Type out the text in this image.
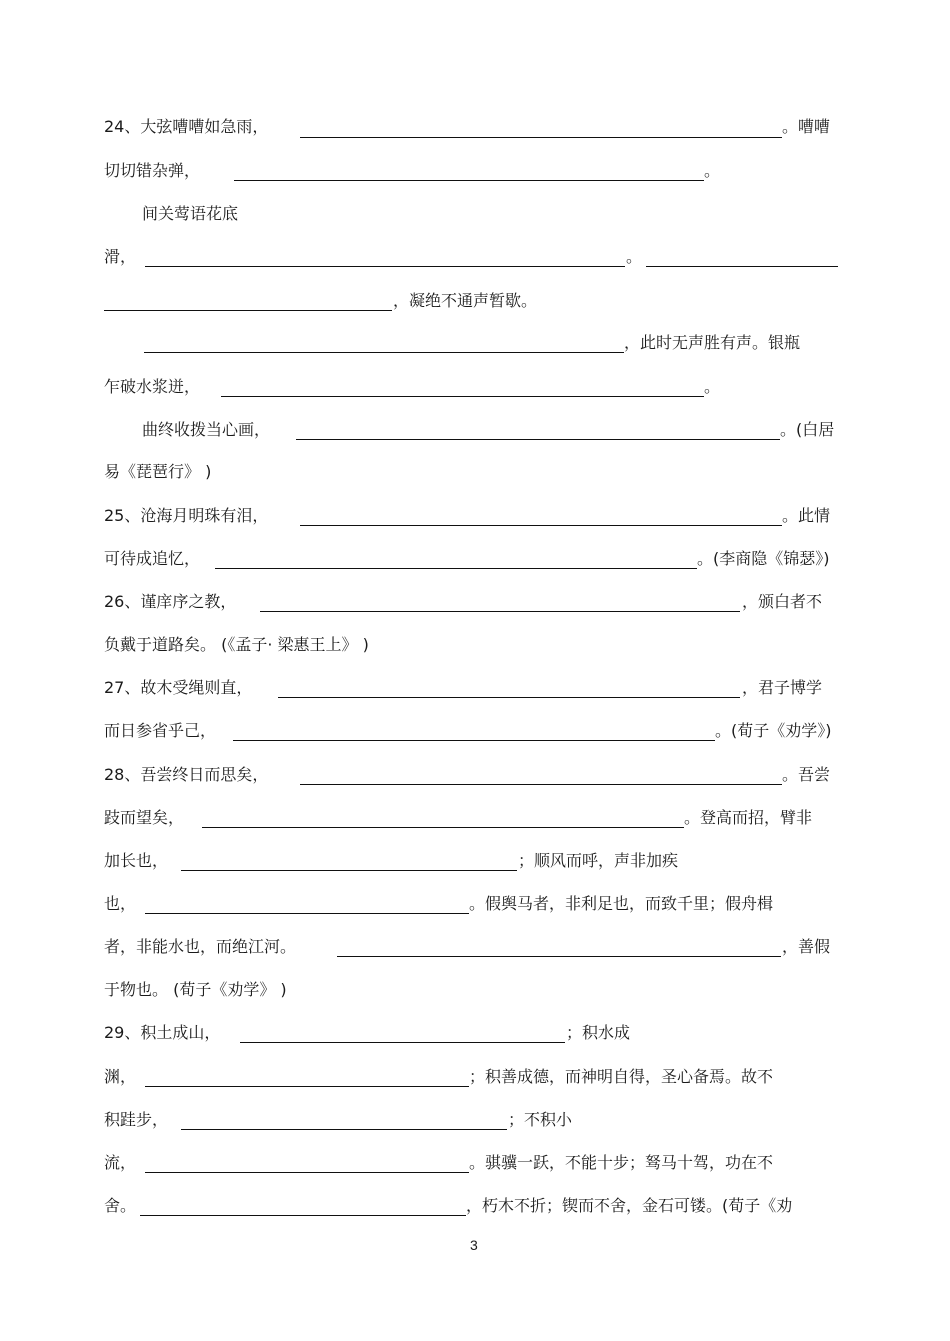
24、大弦嘈嘈如急雨，	。嘈嘈
切切错杂弹，	。
间关莺语花底
滑，	。
，凝绝不通声暂歇。
，此时无声胜有声。银瓶
乍破水浆迸，	。
曲终收拨当心画，	。(白居
易《琵琶行》 )
25、沧海月明珠有泪，	。此情
可待成追忆，	。(李商隐《锦瑟》)
26、谨庠序之教，	，颁白者不
负戴于道路矣。 (《孟子· 梁惠王上》 )
27、故木受绳则直，	，君子博学
而日参省乎己，	。(荀子《劝学》)
28、吾尝终日而思矣，	。吾尝
跂而望矣，	。登高而招，臂非
加长也，	；顺风而呼，声非加疾
也，	。假舆马者，非利足也，而致千里；假舟楫
者，非能水也，而绝江河。	，善假
于物也。 (荀子《劝学》 )
29、积土成山，	；积水成
渊，	；积善成德，而神明自得，圣心备焉。故不
积跬步，	；不积小
流，	。骐骥一跃，不能十步；驽马十驾，功在不
舍。	，朽木不折；锲而不舍，金石可镂。(荀子《劝
3
